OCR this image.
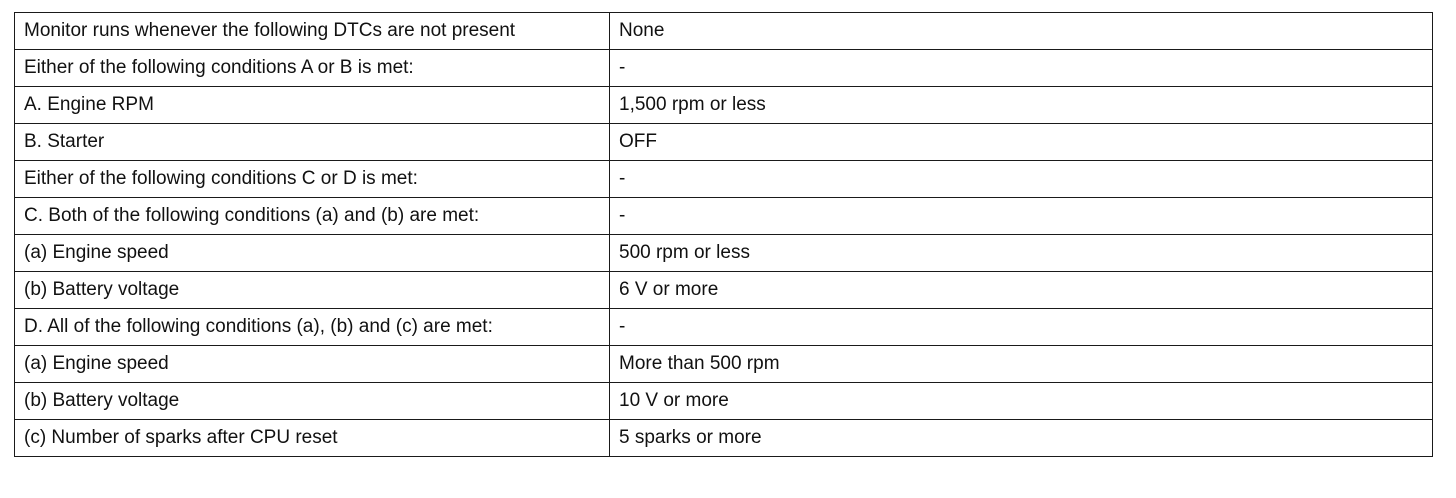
Monitor runs whenever the following DTCs are not present	None
Either of the following conditions A or B is met:	-
A. Engine RPM	1,500 rpm or less
B. Starter	OFF
Either of the following conditions C or D is met:	-
C. Both of the following conditions (a) and (b) are met:	-
(a) Engine speed	500 rpm or less
(b) Battery voltage	6 V or more
D. All of the following conditions (a), (b) and (c) are met:	-
(a) Engine speed	More than 500 rpm
(b) Battery voltage	10 V or more
(c) Number of sparks after CPU reset	5 sparks or more
